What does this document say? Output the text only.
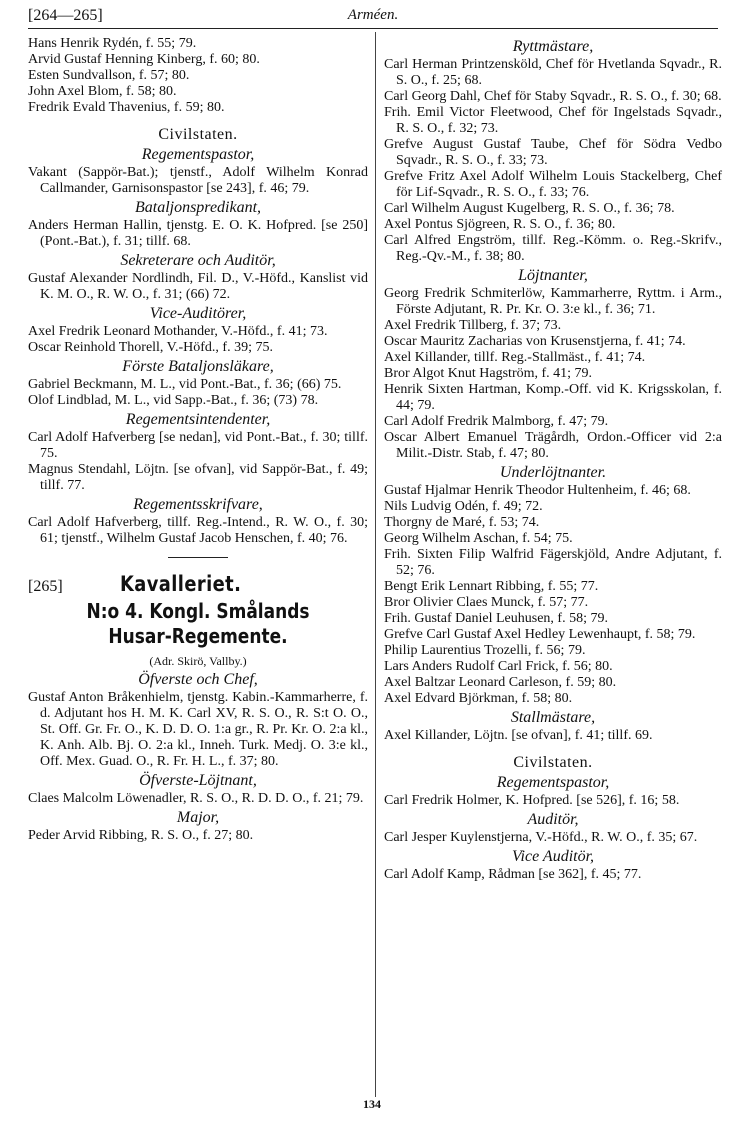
[264—265]	Arméen.

Hans Henrik Rydén, f. 55; 79.

Arvid Gustaf Henning Kinberg, f. 60; 80.

Esten Sundvallson, f. 57; 80.

John Axel Blom, f. 58; 80.

Fredrik Evald Thavenius, f. 59; 80.

Civilstaten.
Regementspastor,

Vakant (Sappör-Bat.); tjenstf., Adolf Wilhelm Konrad Callmander, Garnisonspastor [se 243], f. 46; 79.

Bataljonspredikant,

Anders Herman Hallin, tjenstg. E. O. K. Hofpred. [se 250] (Pont.-Bat.), f. 31; tillf. 68.

Sekreterare och Auditör,

Gustaf Alexander Nordlindh, Fil. D., V.-Höfd., Kanslist vid K. M. O., R. W. O., f. 31; (66) 72.

Vice-Auditörer,

Axel Fredrik Leonard Mothander, V.-Höfd., f. 41; 73.

Oscar Reinhold Thorell, V.-Höfd., f. 39; 75.

Förste Bataljonsläkare,

Gabriel Beckmann, M. L., vid Pont.-Bat., f. 36; (66) 75.

Olof Lindblad, M. L., vid Sapp.-Bat., f. 36; (73) 78.

Regementsintendenter,

Carl Adolf Hafverberg [se nedan], vid Pont.-Bat., f. 30; tillf. 75.

Magnus Stendahl, Löjtn. [se ofvan], vid Sappör-Bat., f. 49; tillf. 77.

Regementsskrifvare,

Carl Adolf Hafverberg, tillf. Reg.-Intend., R. W. O., f. 30; 61; tjenstf., Wilhelm Gustaf Jacob Henschen, f. 40; 76.

[265]	Kavalleriet.
N:o 4. Kongl. Smålands Husar-Regemente.
(Adr. Skirö, Vallby.)
Öfverste och Chef,

Gustaf Anton Bråkenhielm, tjenstg. Kabin.-Kammarherre, f. d. Adjutant hos H. M. K. Carl XV, R. S. O., R. S:t O. O., St. Off. Gr. Fr. O., K. D. D. O. 1:a gr., R. Pr. Kr. O. 2:a kl., K. Anh. Alb. Bj. O. 2:a kl., Inneh. Turk. Medj. O. 3:e kl., Off. Mex. Guad. O., R. Fr. H. L., f. 37; 80.

Öfverste-Löjtnant,

Claes Malcolm Löwenadler, R. S. O., R. D. D. O., f. 21; 79.

Major,

Peder Arvid Ribbing, R. S. O., f. 27; 80.

Ryttmästare,

Carl Herman Printzensköld, Chef för Hvetlanda Sqvadr., R. S. O., f. 25; 68.

Carl Georg Dahl, Chef för Staby Sqvadr., R. S. O., f. 30; 68.

Frih. Emil Victor Fleetwood, Chef för Ingelstads Sqvadr., R. S. O., f. 32; 73.

Grefve August Gustaf Taube, Chef för Södra Vedbo Sqvadr., R. S. O., f. 33; 73.

Grefve Fritz Axel Adolf Wilhelm Louis Stackelberg, Chef för Lif-Sqvadr., R. S. O., f. 33; 76.

Carl Wilhelm August Kugelberg, R. S. O., f. 36; 78.

Axel Pontus Sjögreen, R. S. O., f. 36; 80.

Carl Alfred Engström, tillf. Reg.-Kömm. o. Reg.-Skrifv., Reg.-Qv.-M., f. 38; 80.

Löjtnanter,

Georg Fredrik Schmiterlöw, Kammarherre, Ryttm. i Arm., Förste Adjutant, R. Pr. Kr. O. 3:e kl., f. 36; 71.

Axel Fredrik Tillberg, f. 37; 73.

Oscar Mauritz Zacharias von Krusenstjerna, f. 41; 74.

Axel Killander, tillf. Reg.-Stallmäst., f. 41; 74.

Bror Algot Knut Hagström, f. 41; 79.

Henrik Sixten Hartman, Komp.-Off. vid K. Krigsskolan, f. 44; 79.

Carl Adolf Fredrik Malmborg, f. 47; 79.

Oscar Albert Emanuel Trägårdh, Ordon.-Officer vid 2:a Milit.-Distr. Stab, f. 47; 80.

Underlöjtnanter.

Gustaf Hjalmar Henrik Theodor Hultenheim, f. 46; 68.

Nils Ludvig Odén, f. 49; 72.

Thorgny de Maré, f. 53; 74.

Georg Wilhelm Aschan, f. 54; 75.

Frih. Sixten Filip Walfrid Fägerskjöld, Andre Adjutant, f. 52; 76.

Bengt Erik Lennart Ribbing, f. 55; 77.

Bror Olivier Claes Munck, f. 57; 77.

Frih. Gustaf Daniel Leuhusen, f. 58; 79.

Grefve Carl Gustaf Axel Hedley Lewenhaupt, f. 58; 79.

Philip Laurentius Trozelli, f. 56; 79.

Lars Anders Rudolf Carl Frick, f. 56; 80.

Axel Baltzar Leonard Carleson, f. 59; 80.

Axel Edvard Björkman, f. 58; 80.

Stallmästare,

Axel Killander, Löjtn. [se ofvan], f. 41; tillf. 69.

Civilstaten.
Regementspastor,

Carl Fredrik Holmer, K. Hofpred. [se 526], f. 16; 58.

Auditör,

Carl Jesper Kuylenstjerna, V.-Höfd., R. W. O., f. 35; 67.

Vice Auditör,

Carl Adolf Kamp, Rådman [se 362], f. 45; 77.

134
